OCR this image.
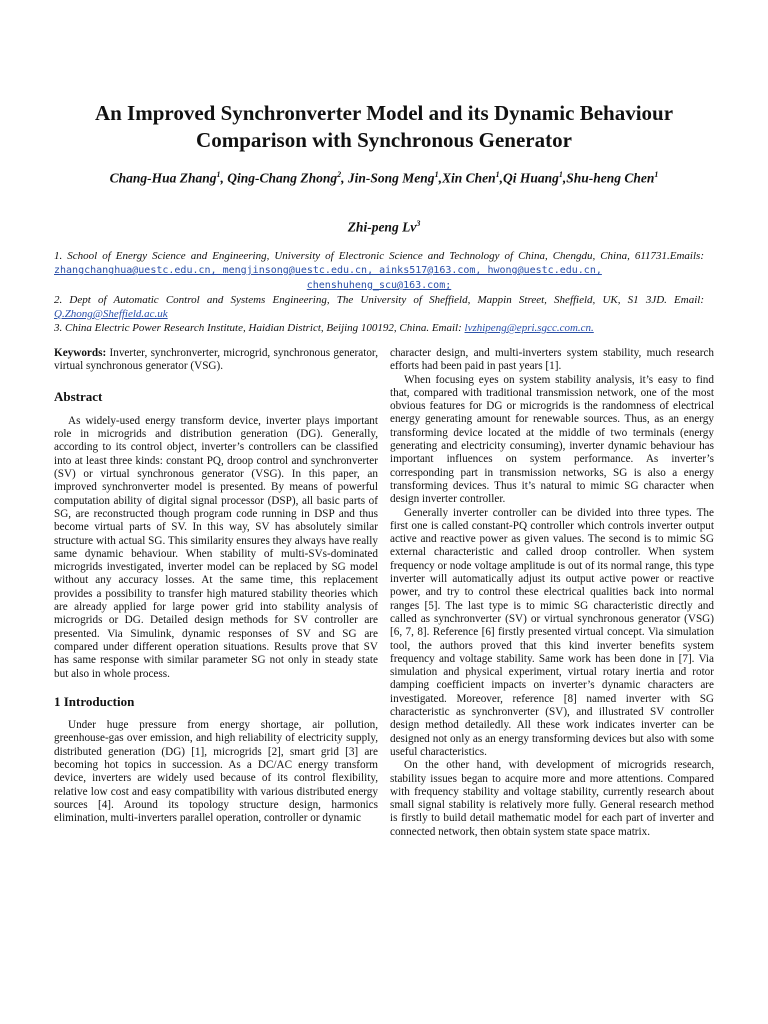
An Improved Synchronverter Model and its Dynamic Behaviour
Comparison with Synchronous Generator
Chang-Hua Zhang$^1$, Qing-Chang Zhong$^2$, Jin-Song Meng$^1$,Xin Chen$^1$,Qi Huang$^1$,Shu-heng Chen$^1$
Zhi-peng Lv$^3$
1. School of Energy Science and Engineering, University of Electronic Science and Technology of China, Chengdu, China, 611731.Emails: zhangchanghua@uestc.edu.cn, mengjinsong@uestc.edu.cn, ainks517@163.com, hwong@uestc.edu.cn,
chenshuheng_scu@163.com;
2. Dept of Automatic Control and Systems Engineering, The University of Sheffield, Mappin Street, Sheffield, UK, S1 3JD. Email: Q.Zhong@Sheffield.ac.uk
3. China Electric Power Research Institute, Haidian District, Beijing 100192, China. Email: lvzhipeng@epri.sgcc.com.cn.

Keywords: Inverter, synchronverter, microgrid, synchronous generator, virtual synchronous generator (VSG).

Abstract

As widely-used energy transform device, inverter plays important role in microgrids and distribution generation (DG). Generally, according to its control object, inverter’s controllers can be classified into at least three kinds: constant PQ, droop control and synchronverter (SV) or virtual synchronous generator (VSG). In this paper, an improved synchronverter model is presented. By means of powerful computation ability of digital signal processor (DSP), all basic parts of SG, are reconstructed though program code running in DSP and thus become virtual parts of SV. In this way, SV has absolutely similar structure with actual SG. This similarity ensures they always have really same dynamic behaviour. When stability of multi-SVs-dominated microgrids investigated, inverter model can be replaced by SG model without any accuracy losses. At the same time, this replacement provides a possibility to transfer high matured stability theories which are already applied for large power grid into stability analysis of microgrids or DG. Detailed design methods for SV controller are presented. Via Simulink, dynamic responses of SV and SG are compared under different operation situations. Results prove that SV has same response with similar parameter SG not only in steady state but also in whole process.

1 Introduction

Under huge pressure from energy shortage, air pollution, greenhouse-gas over emission, and high reliability of electricity supply, distributed generation (DG) [1], microgrids [2], smart grid [3] are becoming hot topics in succession. As a DC/AC energy transform device, inverters are widely used because of its control flexibility, relative low cost and easy compatibility with various distributed energy sources [4]. Around its topology structure design, harmonics elimination, multi-inverters parallel operation, controller or dynamic

character design, and multi-inverters system stability, much research efforts had been paid in past years [1].

When focusing eyes on system stability analysis, it’s easy to find that, compared with traditional transmission network, one of the most obvious features for DG or microgrids is the randomness of electrical energy generating amount for renewable sources. Thus, as an energy transforming device located at the middle of two terminals (energy generating and electricity consuming), inverter dynamic behaviour has important influences on system performance. As inverter’s corresponding part in transmission networks, SG is also a energy transforming devices. Thus it’s natural to mimic SG character when design inverter controller.

Generally inverter controller can be divided into three types. The first one is called constant-PQ controller which controls inverter output active and reactive power as given values. The second is to mimic SG external characteristic and called droop controller. When system frequency or node voltage amplitude is out of its normal range, this type inverter will automatically adjust its output active power or reactive power, and try to control these electrical qualities back into normal ranges [5]. The last type is to mimic SG characteristic directly and called as synchronverter (SV) or virtual synchronous generator (VSG) [6, 7, 8]. Reference [6] firstly presented virtual concept. Via simulation tool, the authors proved that this kind inverter benefits system frequency and voltage stability. Same work has been done in [7]. Via simulation and physical experiment, virtual rotary inertia and rotor damping coefficient impacts on inverter’s dynamic characters are investigated. Moreover, reference [8] named inverter with SG characteristic as synchronverter (SV), and illustrated SV controller design method detailedly. All these work indicates inverter can be designed not only as an energy transforming devices but also with some useful characteristics.

On the other hand, with development of microgrids research, stability issues began to acquire more and more attentions. Compared with frequency stability and voltage stability, currently research about small signal stability is relatively more fully. General research method is firstly to build detail mathematic model for each part of inverter and connected network, then obtain system state space matrix.
